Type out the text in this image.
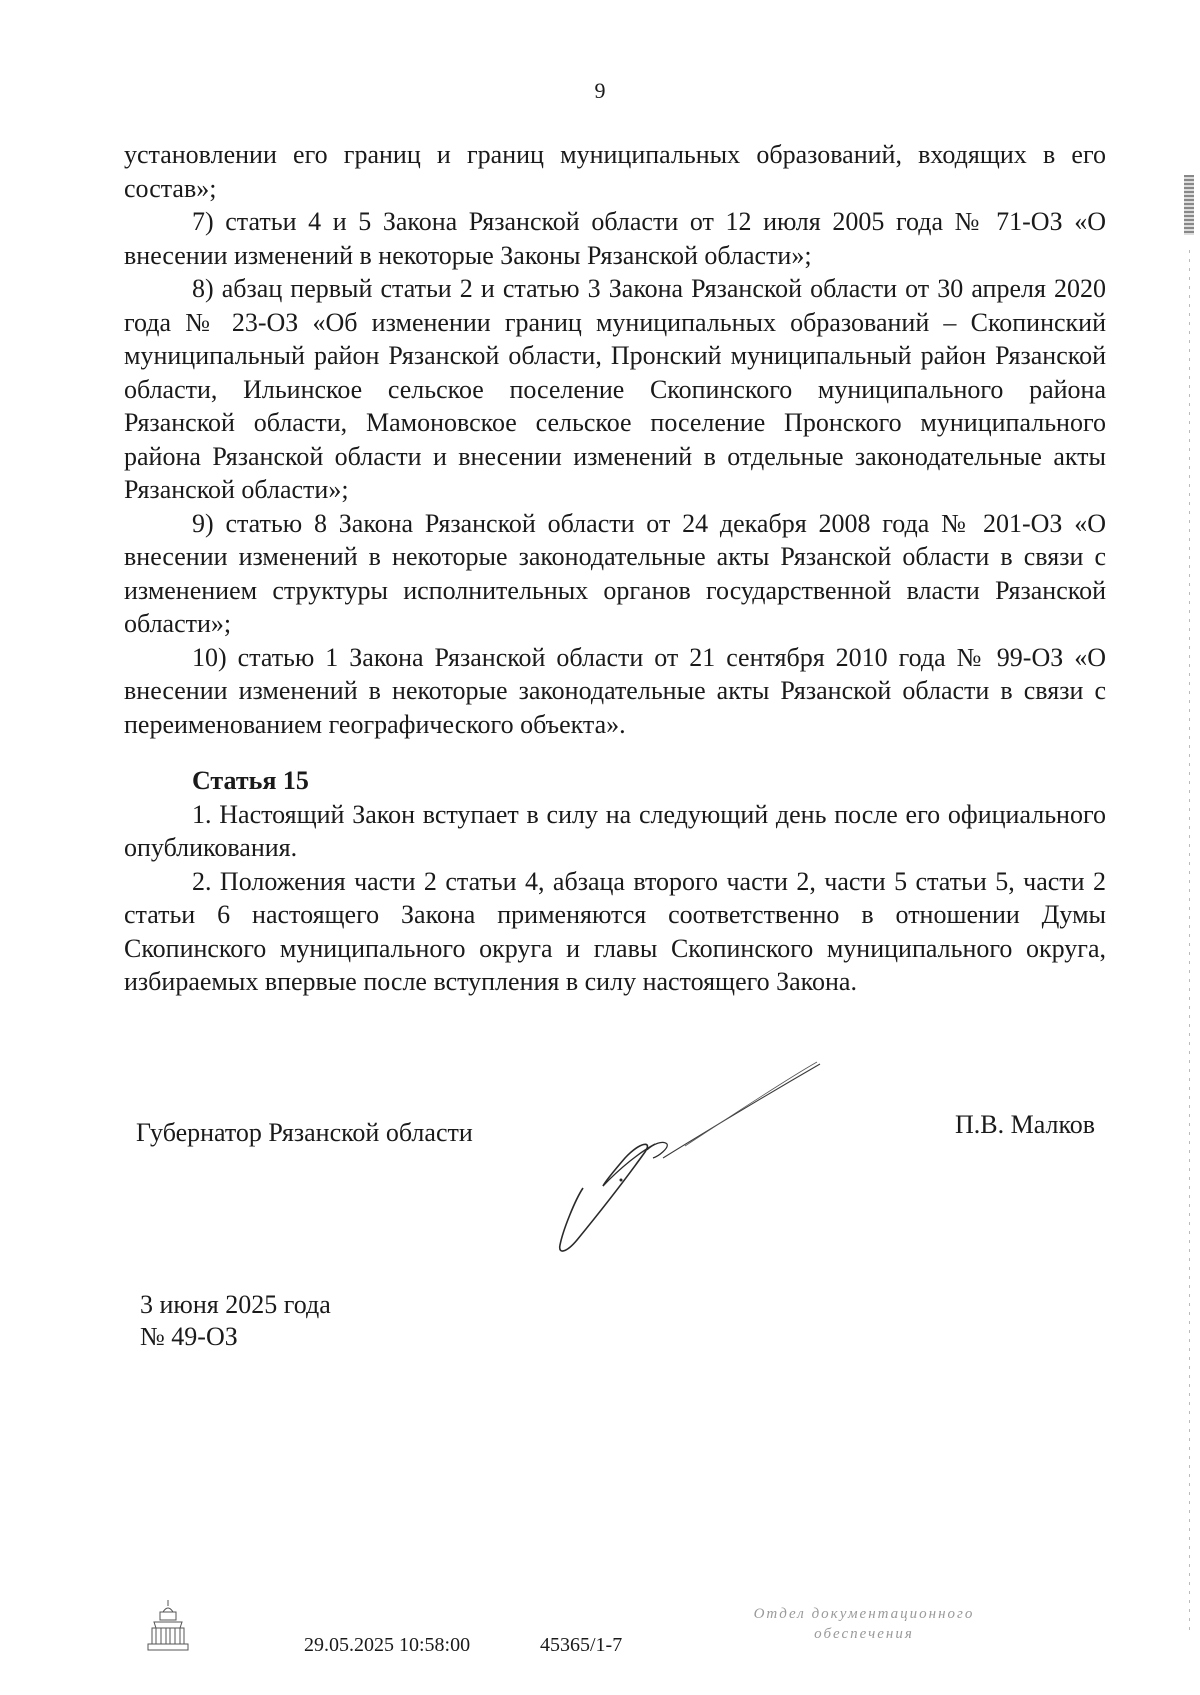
9

установлении его границ и границ муниципальных образований, входящих в его состав»;

7) статьи 4 и 5 Закона Рязанской области от 12 июля 2005 года № 71-ОЗ «О внесении изменений в некоторые Законы Рязанской области»;

8) абзац первый статьи 2 и статью 3 Закона Рязанской области от 30 апреля 2020 года № 23-ОЗ «Об изменении границ муниципальных образований – Скопинский муниципальный район Рязанской области, Пронский муниципальный район Рязанской области, Ильинское сельское поселение Скопинского муниципального района Рязанской области, Мамоновское сельское поселение Пронского муниципального района Рязанской области и внесении изменений в отдельные законодательные акты Рязанской области»;

9) статью 8 Закона Рязанской области от 24 декабря 2008 года № 201-ОЗ «О внесении изменений в некоторые законодательные акты Рязанской области в связи с изменением структуры исполнительных органов государственной власти Рязанской области»;

10) статью 1 Закона Рязанской области от 21 сентября 2010 года № 99-ОЗ «О внесении изменений в некоторые законодательные акты Рязанской области в связи с переименованием географического объекта».

Статья 15

1. Настоящий Закон вступает в силу на следующий день после его официального опубликования.

2. Положения части 2 статьи 4, абзаца второго части 2, части 5 статьи 5, части 2 статьи 6 настоящего Закона применяются соответственно в отношении Думы Скопинского муниципального округа и главы Скопинского муниципального округа, избираемых впервые после вступления в силу настоящего Закона.

Губернатор Рязанской области	П.В. Малков
3 июня 2025 года
№ 49-ОЗ
29.05.2025 10:58:00	45365/1-7
Отдел документационного
обеспечения
